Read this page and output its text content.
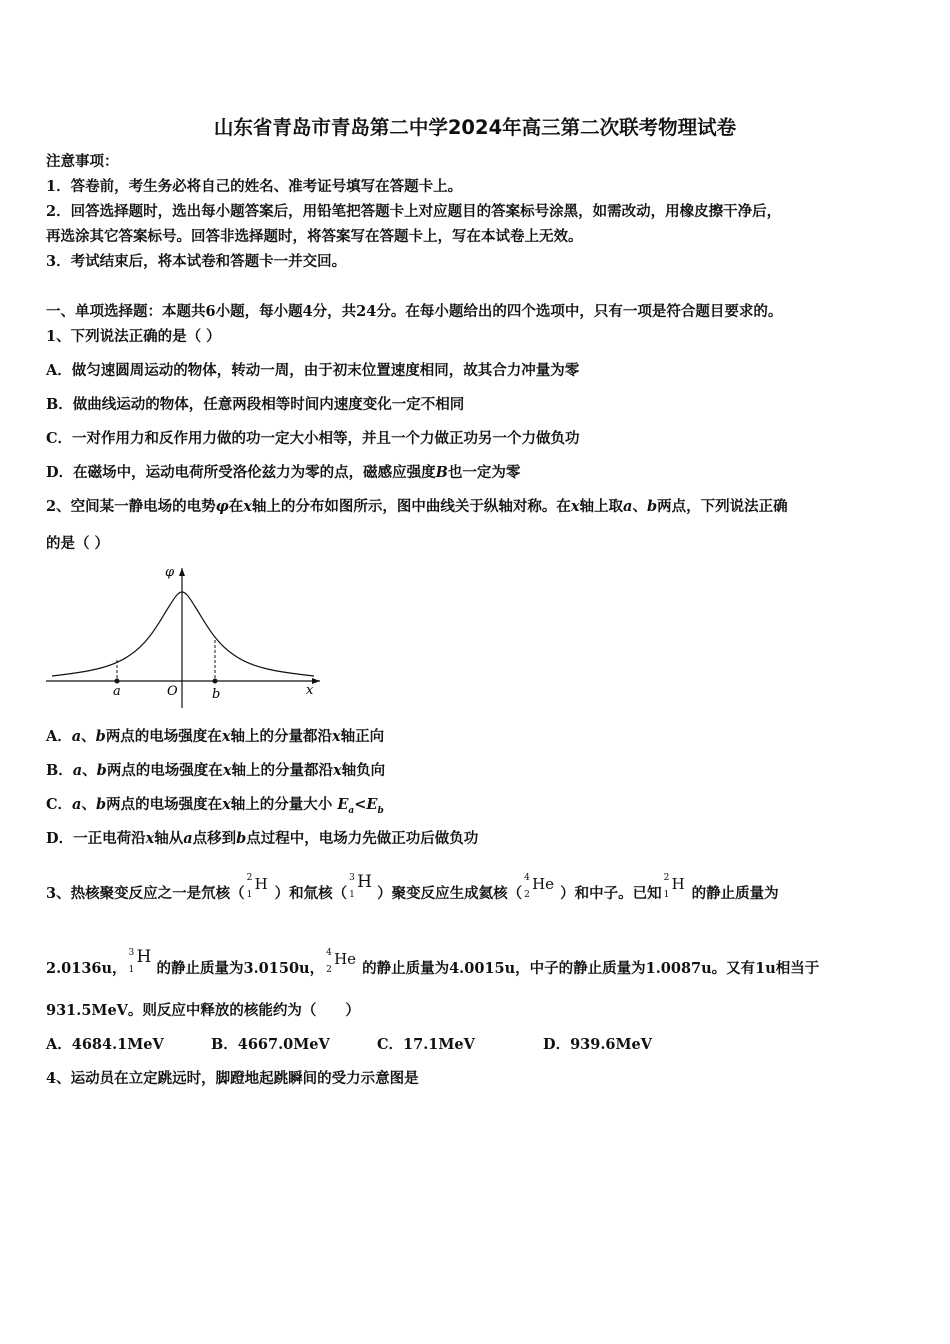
山东省青岛市青岛第二中学2024年高三第二次联考物理试卷
注意事项：
1．答卷前，考生务必将自己的姓名、准考证号填写在答题卡上。
2．回答选择题时，选出每小题答案后，用铅笔把答题卡上对应题目的答案标号涂黑，如需改动，用橡皮擦干净后，
再选涂其它答案标号。回答非选择题时，将答案写在答题卡上，写在本试卷上无效。
3．考试结束后，将本试卷和答题卡一并交回。
一、单项选择题：本题共6小题，每小题4分，共24分。在每小题给出的四个选项中，只有一项是符合题目要求的。
1、下列说法正确的是（ ）
A．做匀速圆周运动的物体，转动一周，由于初末位置速度相同，故其合力冲量为零
B．做曲线运动的物体，任意两段相等时间内速度变化一定不相同
C．一对作用力和反作用力做的功一定大小相等，并且一个力做正功另一个力做负功
D．在磁场中，运动电荷所受洛伦兹力为零的点，磁感应强度B也一定为零
2、空间某一静电场的电势φ在x轴上的分布如图所示，图中曲线关于纵轴对称。在x轴上取a、b两点，下列说法正确
的是（ ）
φ
x
O
a	b
A．a、b两点的电场强度在x轴上的分量都沿x轴正向
B．a、b两点的电场强度在x轴上的分量都沿x轴负向
C．a、b两点的电场强度在x轴上的分量大小 $E_a<E_b$
D．一正电荷沿x轴从a点移到b点过程中，电场力先做正功后做负功
3、热核聚变反应之一是氘核（
2
1
H
）和氚核（
3
1
H
）聚变反应生成氦核（
4
2
He
）和中子。已知
2
1
H
的静止质量为
2.0136u，
3
1
H
的静止质量为3.0150u，
4
2
He
的静止质量为4.0015u，中子的静止质量为1.0087u。又有1u相当于
931.5MeV。则反应中释放的核能约为（　　）
A．4684.1MeV	B．4667.0MeV	C．17.1MeV	D．939.6MeV
4、运动员在立定跳远时，脚蹬地起跳瞬间的受力示意图是
